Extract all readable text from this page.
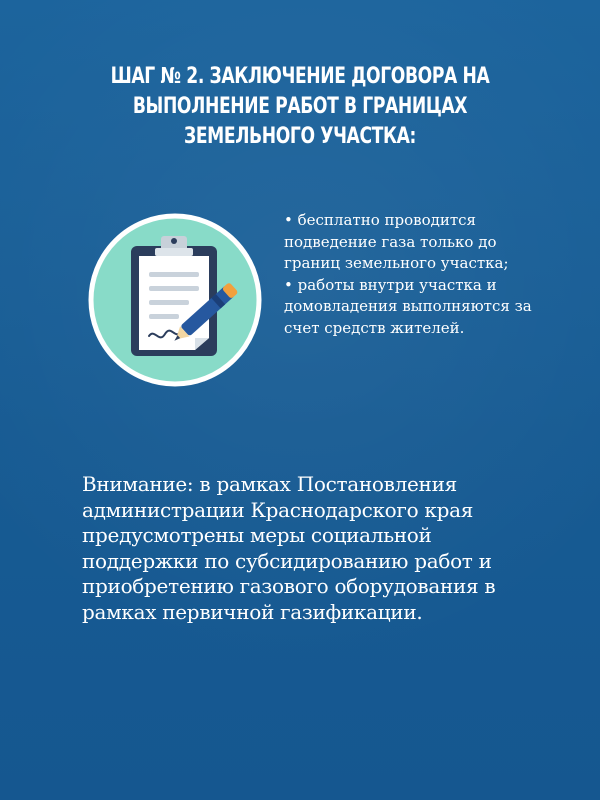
ШАГ № 2. ЗАКЛЮЧЕНИЕ ДОГОВОРА НА ВЫПОЛНЕНИЕ РАБОТ В ГРАНИЦАХ ЗЕМЕЛЬНОГО УЧАСТКА:
• бесплатно проводится подведение газа только до границ земельного участка;
• работы внутри участка и домовладения выполняются за счет средств жителей.
Внимание: в рамках Постановления администрации Краснодарского края предусмотрены меры социальной поддержки по субсидированию работ и приобретению газового оборудования в рамках первичной газификации.
